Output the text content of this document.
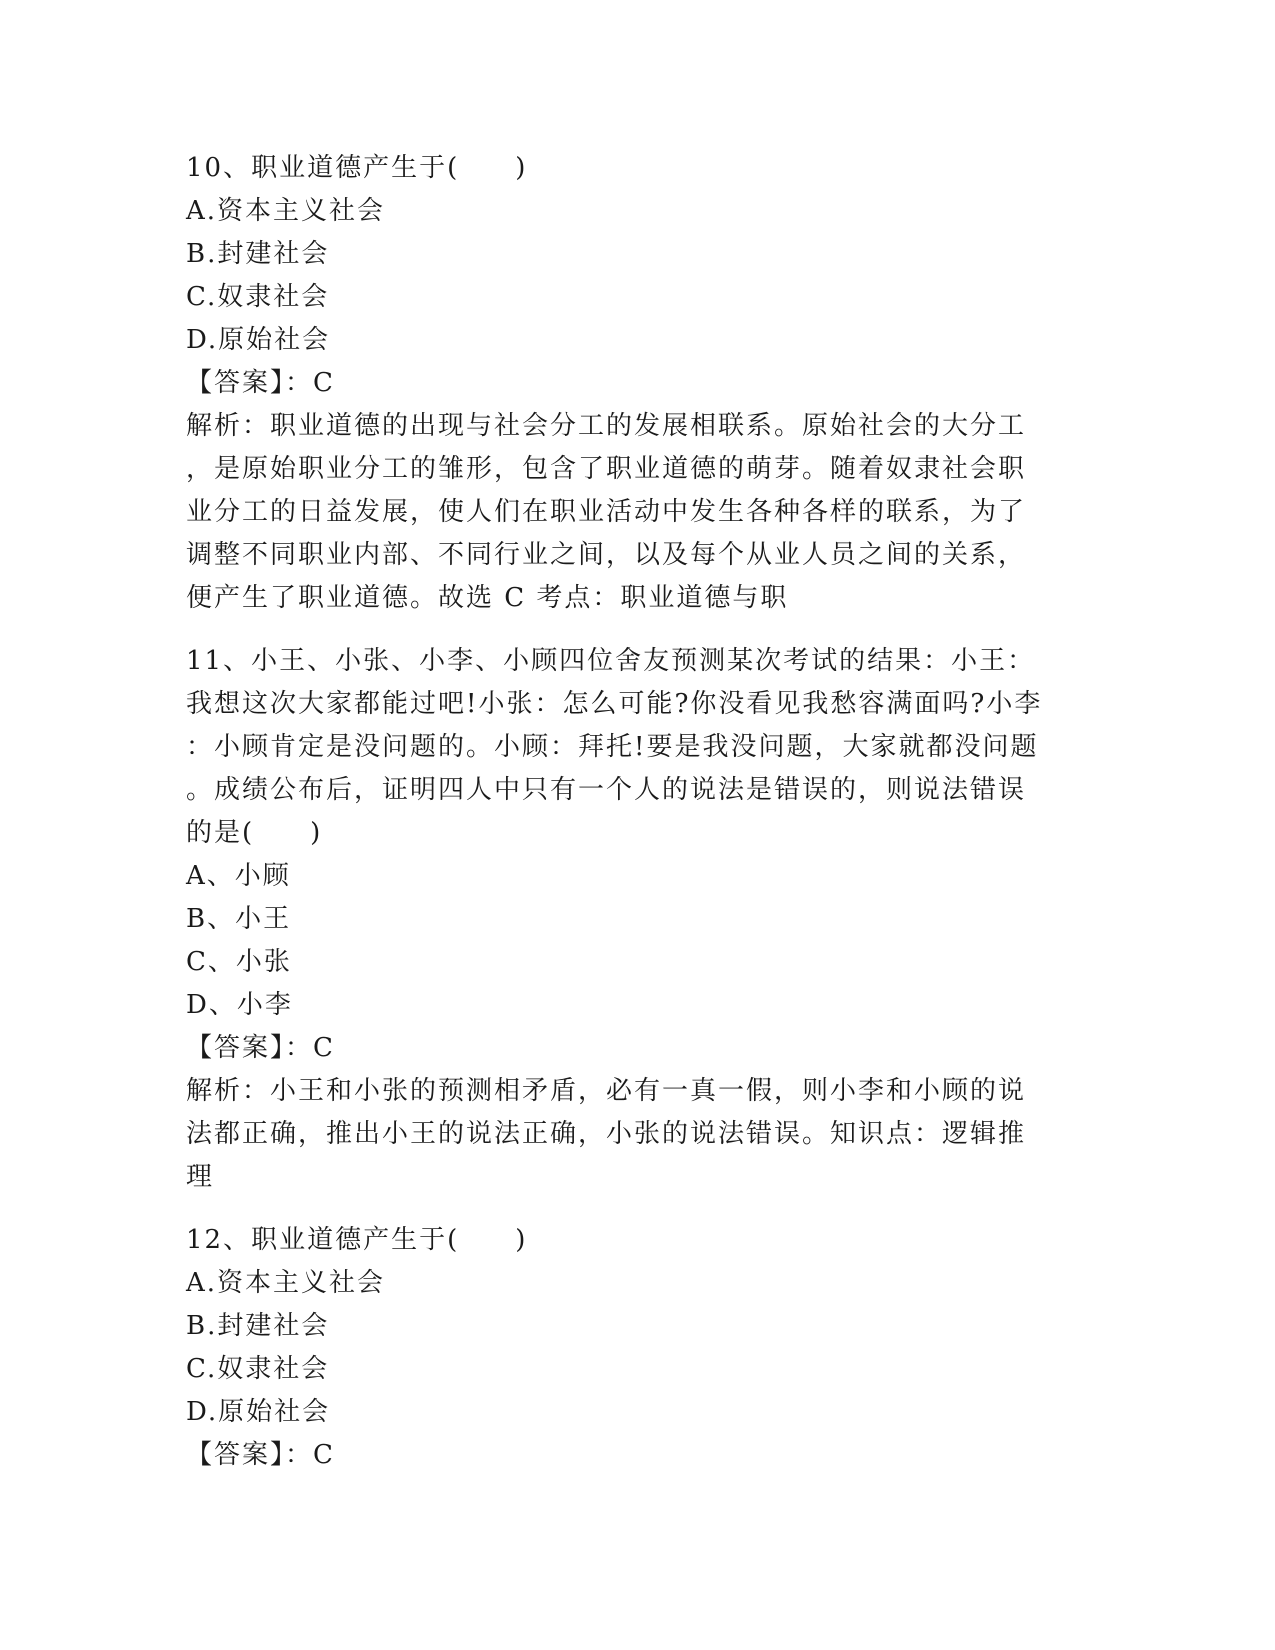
10、职业道德产生于(　　)
A.资本主义社会
B.封建社会
C.奴隶社会
D.原始社会
【答案】：C
解析：职业道德的出现与社会分工的发展相联系。原始社会的大分工
，是原始职业分工的雏形，包含了职业道德的萌芽。随着奴隶社会职
业分工的日益发展，使人们在职业活动中发生各种各样的联系，为了
调整不同职业内部、不同行业之间，以及每个从业人员之间的关系，
便产生了职业道德。故选 C 考点：职业道德与职
11、小王、小张、小李、小顾四位舍友预测某次考试的结果：小王：
我想这次大家都能过吧!小张：怎么可能?你没看见我愁容满面吗?小李
：小顾肯定是没问题的。小顾：拜托!要是我没问题，大家就都没问题
。成绩公布后，证明四人中只有一个人的说法是错误的，则说法错误
的是(　　)
A、小顾
B、小王
C、小张
D、小李
【答案】：C
解析：小王和小张的预测相矛盾，必有一真一假，则小李和小顾的说
法都正确，推出小王的说法正确，小张的说法错误。知识点：逻辑推
理
12、职业道德产生于(　　)
A.资本主义社会
B.封建社会
C.奴隶社会
D.原始社会
【答案】：C
